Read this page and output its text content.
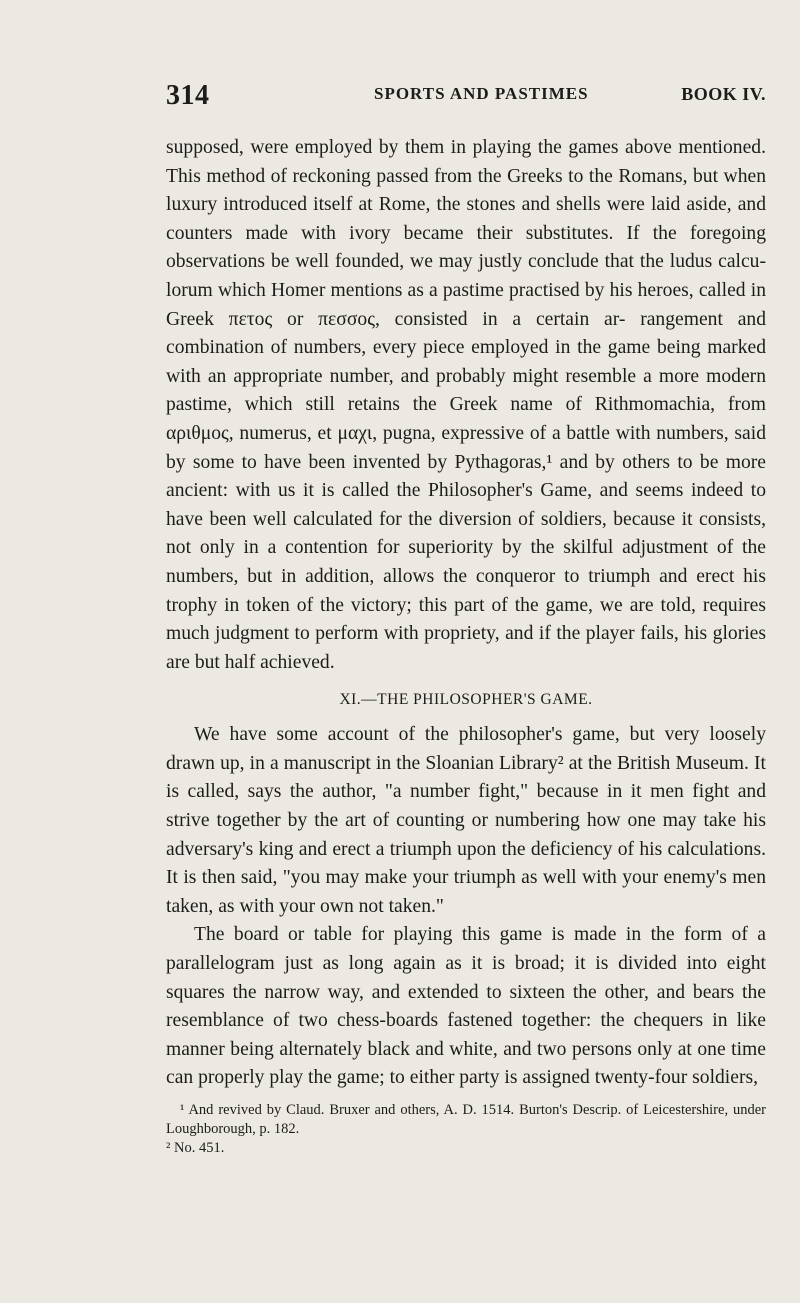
314	SPORTS AND PASTIMES	BOOK IV.

supposed, were employed by them in playing the games above mentioned. This method of reckoning passed from the Greeks to the Romans, but when luxury introduced itself at Rome, the stones and shells were laid aside, and counters made with ivory became their substitutes. If the foregoing observations be well founded, we may justly conclude that the ludus calcu- lorum which Homer mentions as a pastime practised by his heroes, called in Greek πετος or πεσσος, consisted in a certain ar- rangement and combination of numbers, every piece employed in the game being marked with an appropriate number, and probably might resemble a more modern pastime, which still retains the Greek name of Rithmomachia, from αριθμος, numerus, et μαχι, pugna, expressive of a battle with numbers, said by some to have been invented by Pythagoras,¹ and by others to be more ancient: with us it is called the Philosopher's Game, and seems indeed to have been well calculated for the diversion of soldiers, because it consists, not only in a contention for superiority by the skilful adjustment of the numbers, but in addition, allows the conqueror to triumph and erect his trophy in token of the victory; this part of the game, we are told, requires much judgment to perform with propriety, and if the player fails, his glories are but half achieved.

XI.—THE PHILOSOPHER'S GAME.

We have some account of the philosopher's game, but very loosely drawn up, in a manuscript in the Sloanian Library² at the British Museum. It is called, says the author, "a number fight," because in it men fight and strive together by the art of counting or numbering how one may take his adversary's king and erect a triumph upon the deficiency of his calculations. It is then said, "you may make your triumph as well with your enemy's men taken, as with your own not taken."

The board or table for playing this game is made in the form of a parallelogram just as long again as it is broad; it is divided into eight squares the narrow way, and extended to sixteen the other, and bears the resemblance of two chess-boards fastened together: the chequers in like manner being alternately black and white, and two persons only at one time can properly play the game; to either party is assigned twenty-four soldiers,

¹ And revived by Claud. Bruxer and others, A. D. 1514. Burton's Descrip. of Leicestershire, under Loughborough, p. 182.

² No. 451.
